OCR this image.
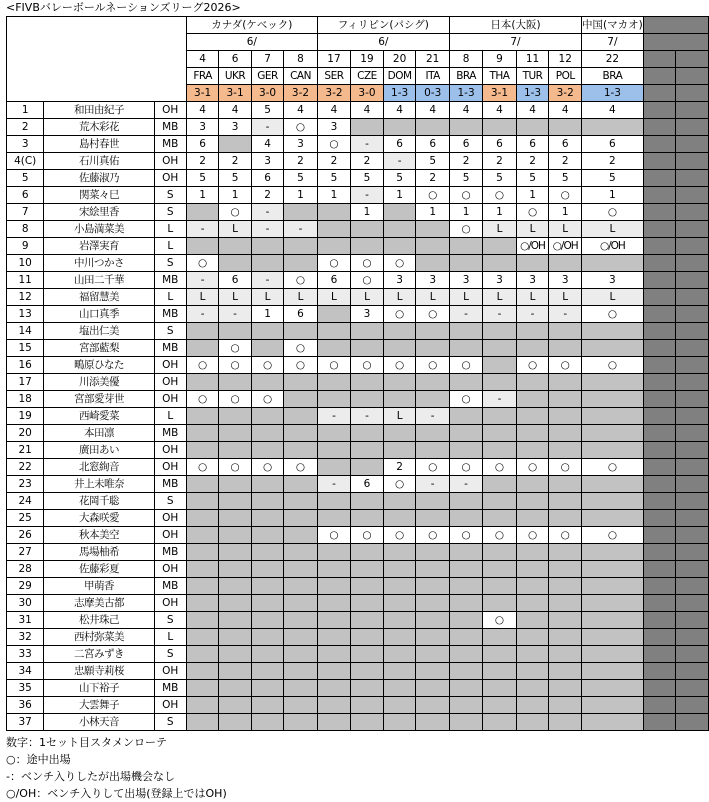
<FIVBバレーボールネーションズリーグ2026>
			カナダ(ケベック)				フィリピン(パシグ)				日本(大阪)				中国(マカオ)		
			6/				6/				7/				7/		
			4	6	7	8	17	19	20	21	8	9	11	12	22		
			FRA	UKR	GER	CAN	SER	CZE	DOM	ITA	BRA	THA	TUR	POL	BRA		
			3-1	3-1	3-0	3-2	3-2	3-0	1-3	0-3	1-3	3-1	1-3	3-2	1-3		
1	和田由紀子	OH	4	4	5	4	4	4	4	4	4	4	4	4	4		
2	荒木彩花	MB	3	3	-	○	3										
3	島村春世	MB	6		4	3	○	-	6	6	6	6	6	6	6		
4(C)	石川真佑	OH	2	2	3	2	2	2	-	5	2	2	2	2	2		
5	佐藤淑乃	OH	5	5	6	5	5	5	5	2	5	5	5	5	5		
6	関菜々巳	S	1	1	2	1	1	-	1	○	○	○	1	○	1		
7	宋絵里香	S		○	-			1		1	1	1	○	1	○		
8	小島満菜美	L	-	L	-	-					○	L	L	L	L		
9	岩澤実育	L											○/OH	○/OH	○/OH		
10	中川つかさ	S	○				○	○	○								
11	山田二千華	MB	-	6	-	○	6	○	3	3	3	3	3	3	3		
12	福留慧美	L	L	L	L	L	L	L	L	L	L	L	L	L	L		
13	山口真季	MB	-	-	1	6		3	○	○	-	-	-	-	○		
14	塩出仁美	S															
15	宮部藍梨	MB		○		○											
16	鴫原ひなた	OH	○	○	○	○	○	○	○	○	○		○	○	○		
17	川添美優	OH															
18	宮部愛芽世	OH	○	○	○						○	-					
19	西崎愛菜	L					-	-	L	-							
20	本田凛	MB															
21	廣田あい	OH															
22	北窓絢音	OH	○	○	○	○			2	○	○	○	○	○	○		
23	井上未唯奈	MB					-	6	○	-	-						
24	花岡千聡	S															
25	大森咲愛	OH															
26	秋本美空	OH					○	○	○	○	○	○	○	○	○		
27	馬場柚希	MB															
28	佐藤彩夏	OH															
29	甲萌香	MB															
30	志摩美古都	OH															
31	松井珠己	S										○					
32	西村弥菜美	L															
33	二宮みずき	S															
34	忠願寺莉桜	OH															
35	山下裕子	MB															
36	大雲舞子	OH															
37	小林天音	S															
数字：1セット目スタメンローテ
○：途中出場
-：ベンチ入りしたが出場機会なし
○/OH：ベンチ入りして出場(登録上ではOH)
